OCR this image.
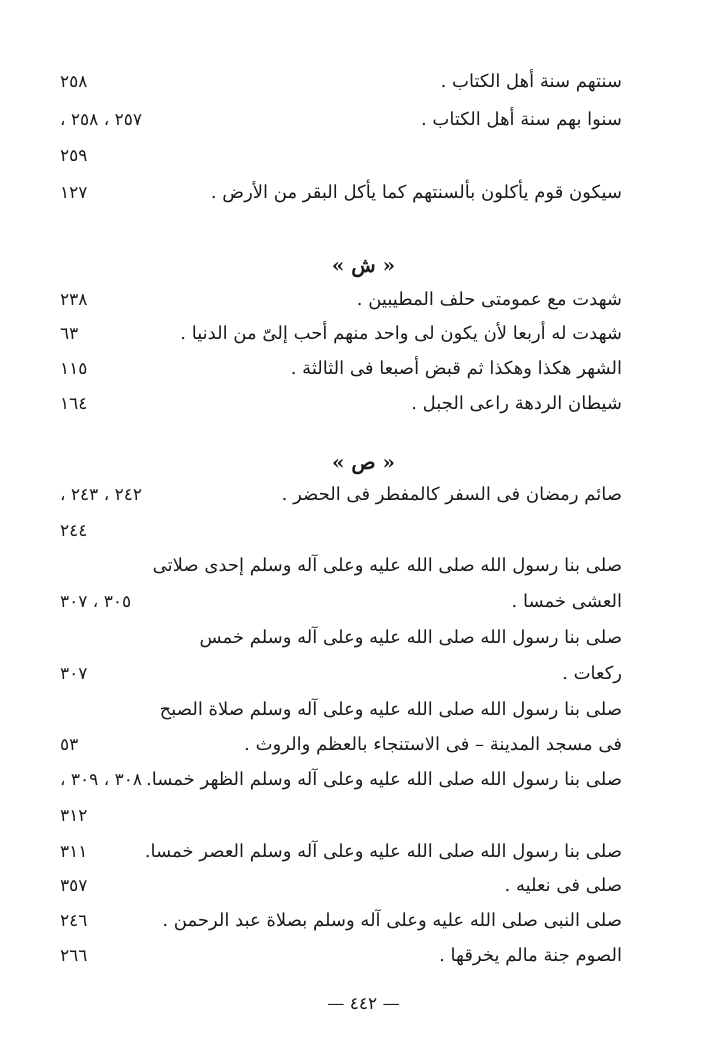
سنتهم سنة أهل الكتاب .
٢٥٨
سنوا بهم سنة أهل الكتاب .
٢٥٧ ، ٢٥٨ ،
٢٥٩
سيكون قوم يأكلون بألسنتهم كما يأكل البقر من الأرض .
١٢٧
« ش »
شهدت مع عمومتى حلف المطيبين .
٢٣٨
شهدت له أربعا لأن يكون لى واحد منهم أحب إلىّ من الدنيا .
٦٣
الشهر هكذا وهكذا ثم قبض أصبعا فى الثالثة .
١١٥
شيطان الردهة راعى الجبل .
١٦٤
« ص »
صائم رمضان فى السفر كالمفطر فى الحضر .
٢٤٢ ، ٢٤٣ ،
٢٤٤
صلى بنا رسول الله صلى الله عليه وعلى آله وسلم إحدى صلاتى
العشى خمسا .
٣٠٥ ، ٣٠٧
صلى بنا رسول الله صلى الله عليه وعلى آله وسلم خمس
ركعات .
٣٠٧
صلى بنا رسول الله صلى الله عليه وعلى آله وسلم صلاة الصبح
فى مسجد المدينة – فى الاستنجاء بالعظم والروث .
٥٣
صلى بنا رسول الله صلى الله عليه وعلى آله وسلم الظهر خمسا.
٣٠٨ ، ٣٠٩ ،
٣١٢
صلى بنا رسول الله صلى الله عليه وعلى آله وسلم العصر خمسا.
٣١١
صلى فى نعليه .
٣٥٧
صلى النبى صلى الله عليه وعلى آله وسلم بصلاة عبد الرحمن .
٢٤٦
الصوم جنة مالم يخرقها .
٢٦٦
— ٤٤٢ —
